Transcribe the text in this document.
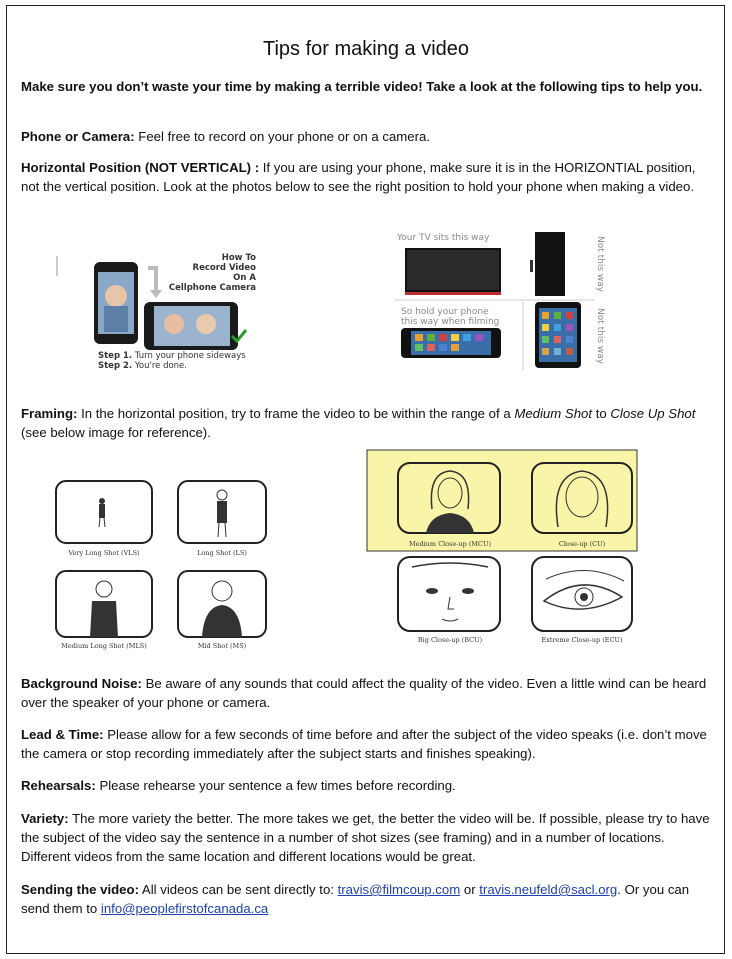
Tips for making a video

Make sure you don’t waste your time by making a terrible video! Take a look at the following tips to help you.

Phone or Camera: Feel free to record on your phone or on a camera.

Horizontal Position (NOT VERTICAL) : If you are using your phone, make sure it is in the HORIZONTIAL position, not the vertical position. Look at the photos below to see the right position to hold your phone when making a video.

How To
Record Video
On A
Cellphone Camera
Step 1. Turn your phone sideways
Step 2. You're done.
Your TV sits this way	Not this way
So hold your phone
this way when filming	Not this way

Framing: In the horizontal position, try to frame the video to be within the range of a Medium Shot to Close Up Shot (see below image for reference).

Very Long Shot (VLS)	Long Shot (LS)
Medium Long Shot (MLS)	Mid Shot (MS)
Medium Close-up (MCU)	Close-up (CU)
Big Close-up (BCU)	Extreme Close-up (ECU)

Background Noise: Be aware of any sounds that could affect the quality of the video. Even a little wind can be heard over the speaker of your phone or camera.

Lead & Time: Please allow for a few seconds of time before and after the subject of the video speaks (i.e. don’t move the camera or stop recording immediately after the subject starts and finishes speaking).

Rehearsals: Please rehearse your sentence a few times before recording.

Variety: The more variety the better. The more takes we get, the better the video will be. If possible, please try to have the subject of the video say the sentence in a number of shot sizes (see framing) and in a number of locations. Different videos from the same location and different locations would be great.

Sending the video: All videos can be sent directly to: travis@filmcoup.com or travis.neufeld@sacl.org. Or you can send them to info@peoplefirstofcanada.ca
